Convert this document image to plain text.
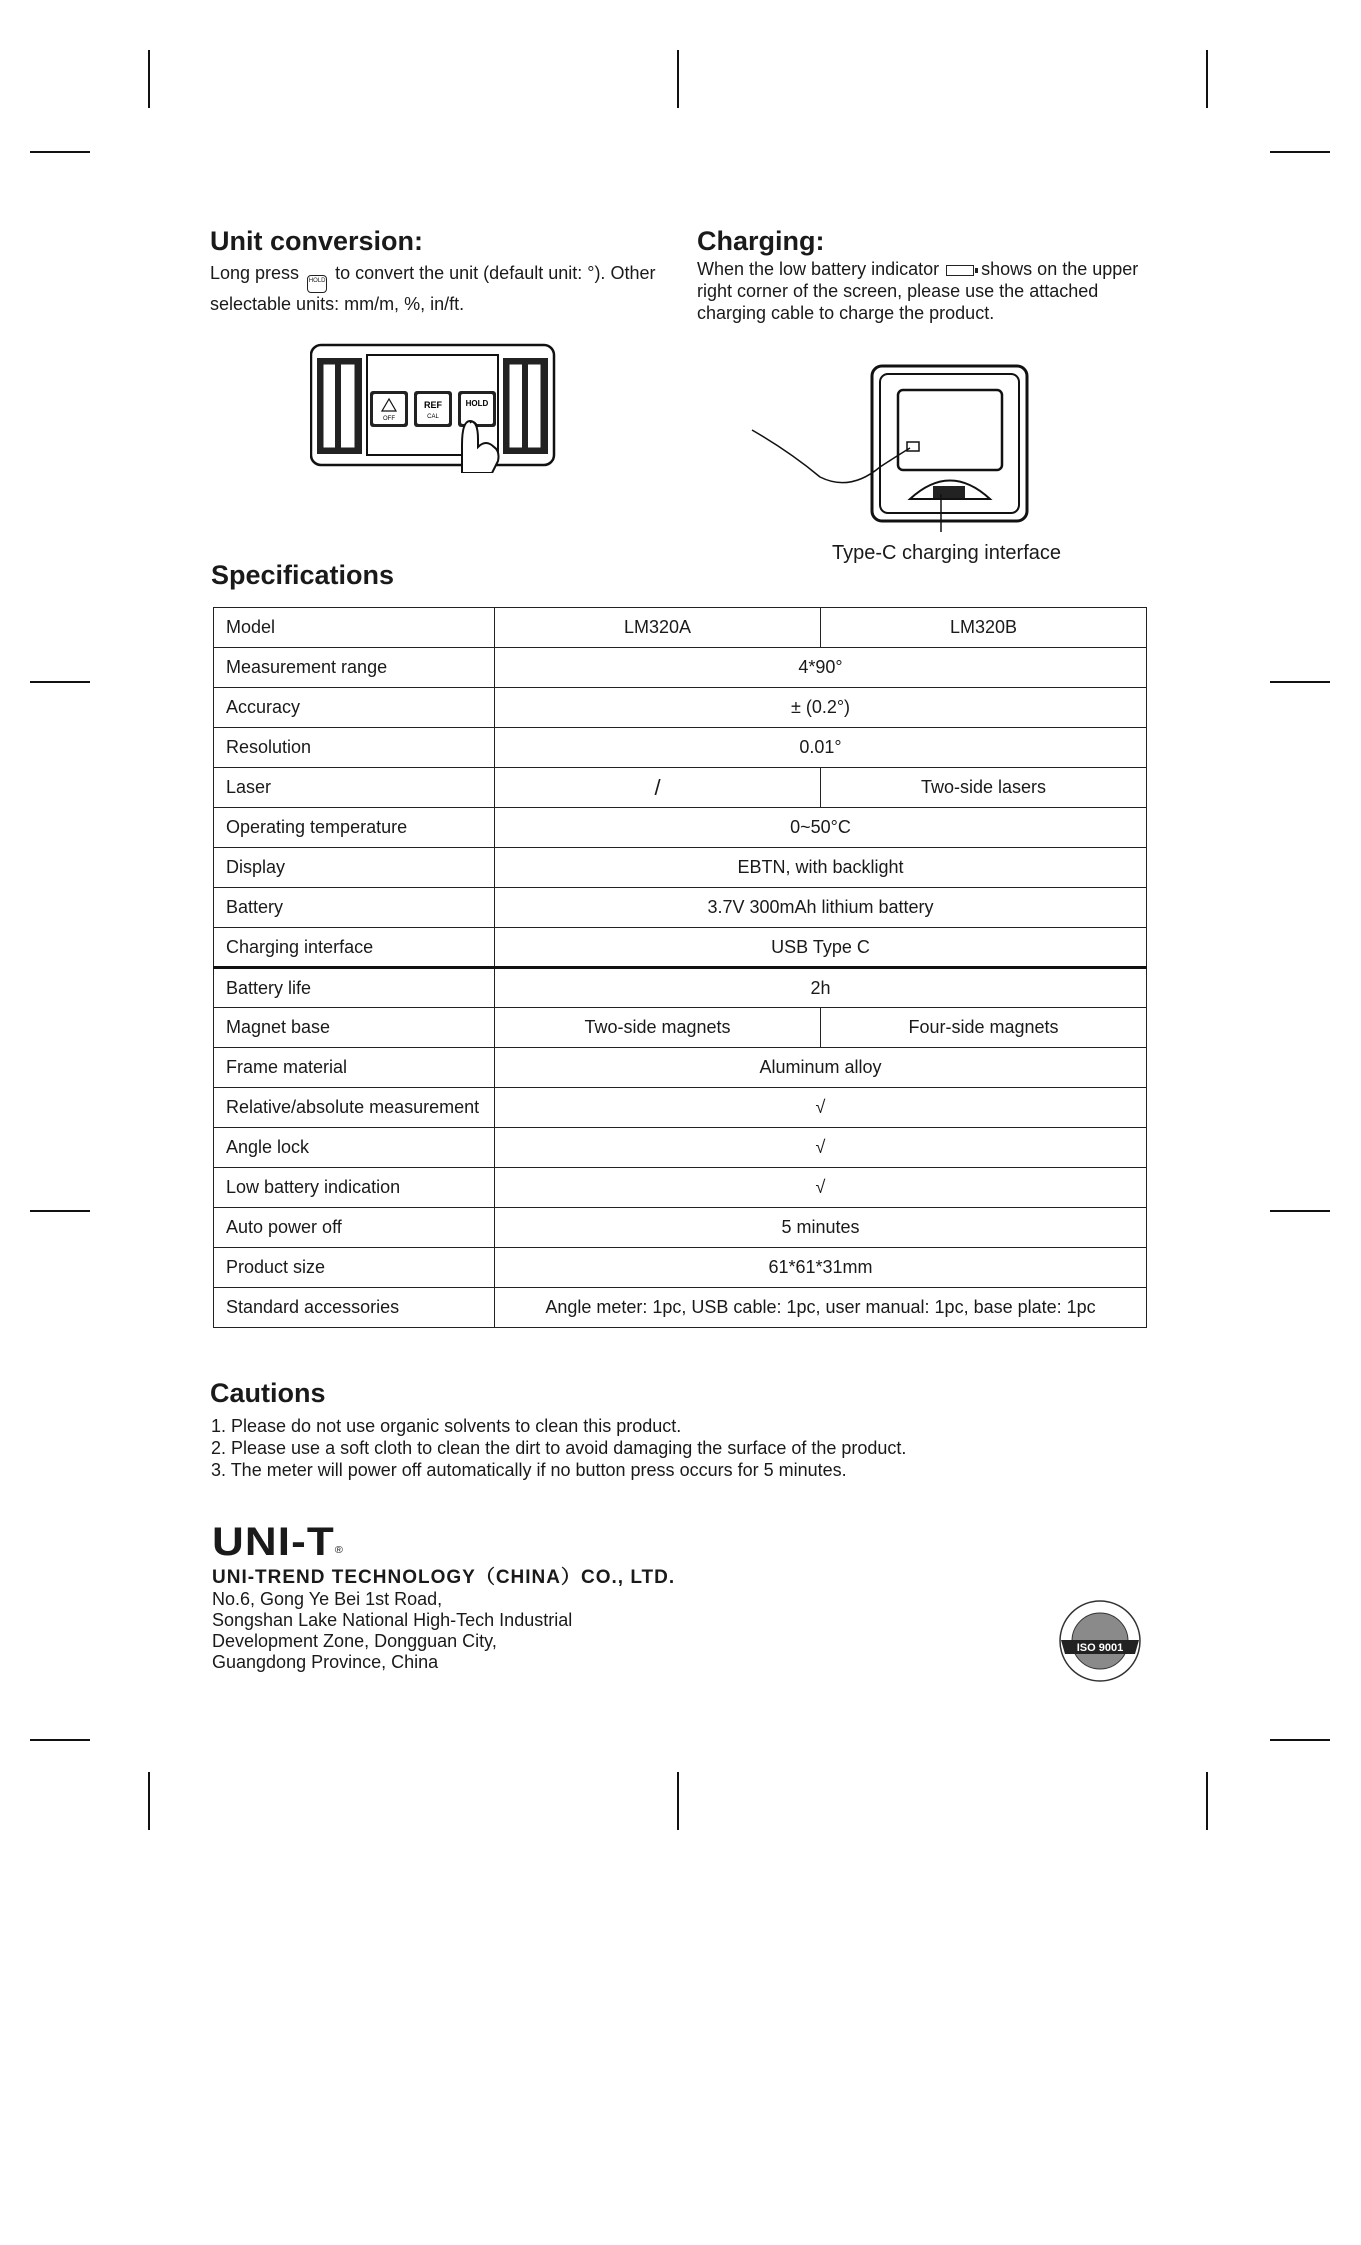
Unit conversion:
Long press HOLD to convert the unit (default unit: °). Other
selectable units: mm/m, %, in/ft.
OFF
REF
CAL
HOLD
Charging:
When the low battery indicator shows on the upper
right corner of the screen, please use the attached
charging cable to charge the product.
Type-C charging interface
Specifications
Model	LM320A	LM320B
Measurement range	4*90°	
Accuracy	± (0.2°)	
Resolution	0.01°	
Laser	/	Two-side lasers
Operating temperature	0~50°C	
Display	EBTN, with backlight	
Battery	3.7V 300mAh lithium battery	
Charging interface	USB Type C	
Battery life	2h	
Magnet base	Two-side magnets	Four-side magnets
Frame material	Aluminum alloy	
Relative/absolute measurement	√	
Angle lock	√	
Low battery indication	√	
Auto power off	5 minutes	
Product size	61*61*31mm	
Standard accessories	Angle meter: 1pc, USB cable: 1pc, user manual: 1pc, base plate: 1pc	
Cautions
1. Please do not use organic solvents to clean this product.
2. Please use a soft cloth to clean the dirt to avoid damaging the surface of the product.
3. The meter will power off automatically if no button press occurs for 5 minutes.
UNI-T®
UNI-TREND TECHNOLOGY（CHINA）CO., LTD.
No.6, Gong Ye Bei 1st Road,
Songshan Lake National High-Tech Industrial
Development Zone, Dongguan City,
Guangdong Province, China
ISO 9001
